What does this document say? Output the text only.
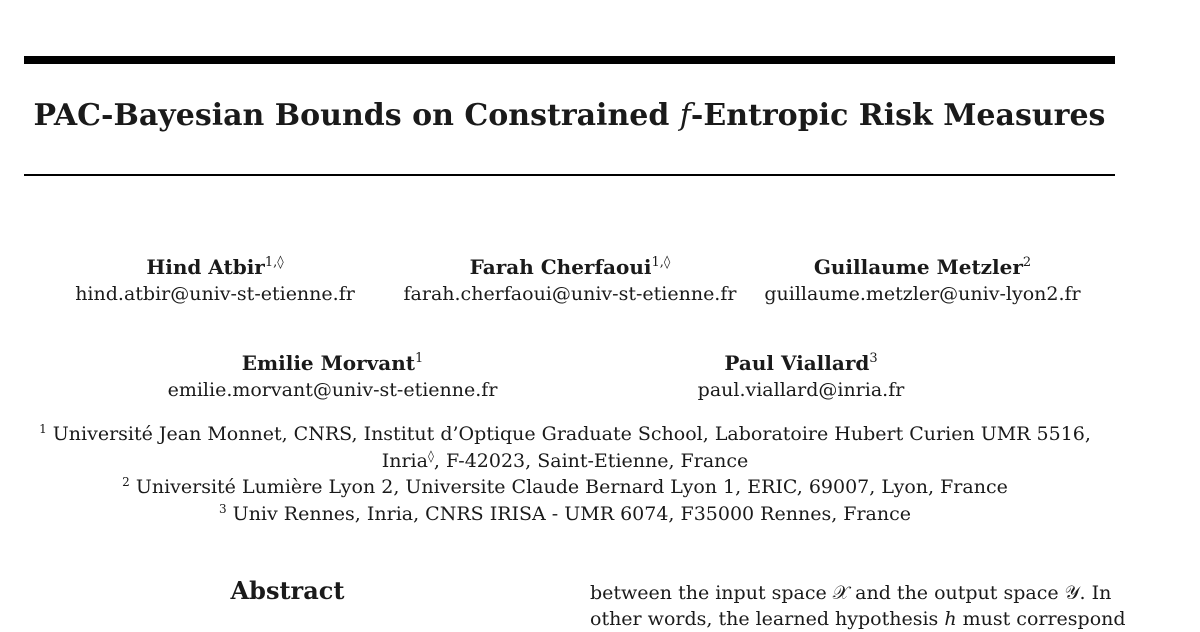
PAC-Bayesian Bounds on Constrained f-Entropic Risk Measures
Hind Atbir$^{1,◊}$
hind.atbir@univ-st-etienne.fr
Farah Cherfaoui$^{1,◊}$
farah.cherfaoui@univ-st-etienne.fr
Guillaume Metzler$^2$
guillaume.metzler@univ-lyon2.fr
Emilie Morvant$^1$
emilie.morvant@univ-st-etienne.fr
Paul Viallard$^3$
paul.viallard@inria.fr
$^1$ Université Jean Monnet, CNRS, Institut d’Optique Graduate School, Laboratoire Hubert Curien UMR 5516,
Inria◊, F-42023, Saint-Etienne, France
$^2$ Université Lumière Lyon 2, Universite Claude Bernard Lyon 1, ERIC, 69007, Lyon, France
$^3$ Univ Rennes, Inria, CNRS IRISA - UMR 6074, F35000 Rennes, France
Abstract	between the input space 𝒳 and the output space 𝒴. In
other words, the learned hypothesis h must correspond
